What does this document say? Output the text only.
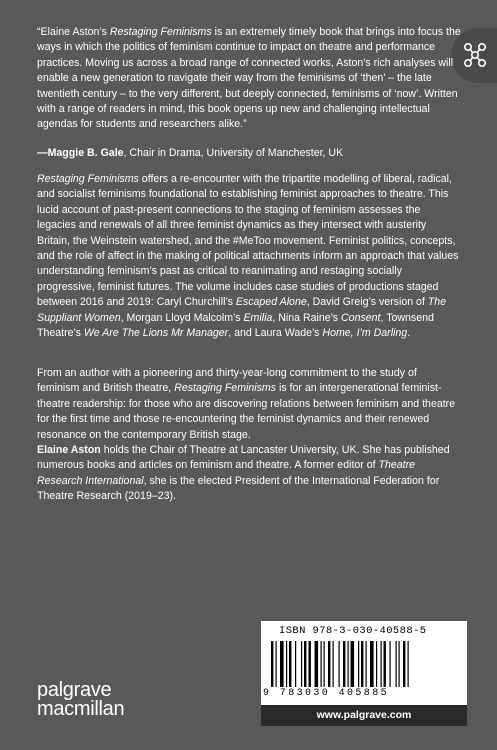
“Elaine Aston’s Restaging Feminisms is an extremely timely book that brings into focus the ways in which the politics of feminism continue to impact on theatre and performance practices. Moving us across a broad range of connected works, Aston’s rich analyses will enable a new generation to navigate their way from the feminisms of ‘then’ – the late twentieth century – to the very different, but deeply connected, feminisms of ‘now’. Written with a range of readers in mind, this book opens up new and challenging intellectual agendas for students and researchers alike.”

—Maggie B. Gale, Chair in Drama, University of Manchester, UK

Restaging Feminisms offers a re-encounter with the tripartite modelling of liberal, radical, and socialist feminisms foundational to establishing feminist approaches to theatre. This lucid account of past-present connections to the staging of feminism assesses the legacies and renewals of all three feminist dynamics as they intersect with austerity Britain, the Weinstein watershed, and the #MeToo movement. Feminist politics, concepts, and the role of affect in the making of political attachments inform an approach that values understanding feminism’s past as critical to reanimating and restaging socially progressive, feminist futures. The volume includes case studies of productions staged between 2016 and 2019: Caryl Churchill’s Escaped Alone, David Greig’s version of The Suppliant Women, Morgan Lloyd Malcolm’s Emilia, Nina Raine’s Consent, Townsend Theatre’s We Are The Lions Mr Manager, and Laura Wade’s Home, I’m Darling.

From an author with a pioneering and thirty-year-long commitment to the study of feminism and British theatre, Restaging Feminisms is for an intergenerational feminist-theatre readership: for those who are discovering relations between feminism and theatre for the first time and those re-encountering the feminist dynamics and their renewed resonance on the contemporary British stage.

Elaine Aston holds the Chair of Theatre at Lancaster University, UK. She has published numerous books and articles on feminism and theatre. A former editor of Theatre Research International, she is the elected President of the International Federation for Theatre Research (2019–23).

ISBN 978-3-030-40588-5
9 783030 405885
www.palgrave.com
palgrave
macmillan
